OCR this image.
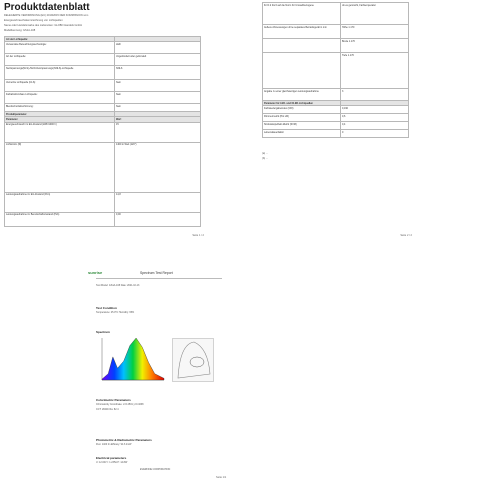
Produktdatenblatt
DELEGIERTE VERORDNUNG (EU) 2019/2015 DER KOMMISSION vom
Energieverbrauchskennzeichnung von Lichtquellen
Name oder Handelsmarke des Lieferanten: GLOBO Handels GmbH
Modellkennung: GS1A-108
Art der Lichtquelle:	
Verwendete Beleuchtungstechnologie:	LED
Art der Lichtquelle:	Ungebündelt oder gebündelt
Netzspannungs(NLS)-/Nicht-Netzspannungs(NNLS)-Lichtquelle	NNLS
Vernetzte Lichtquelle (CLS):	Nein
Farbabstimmbare Lichtquelle:	Nein
Blendschutzabschirmung:	Nein
Produktparameter	
Parameter	Wert
Energieverbrauch im Ein-Zustand (kWh/1000 h)	15
Lichtstrom (Φ)	1400 in Weit (120°)
Leistungsaufnahme im Ein-Zustand (Pon)	14,8
Leistungsaufnahme im Bereitschaftszustand (Psb)	0,00
Seite 1 / 2
für D.2 bis 6 auf die Norm für Umweltbezogene	ob es gemischt, Farbtemperatur
Außere Abmessungen ohne separates Betriebsgerät in mm	Höhe 1.170
	Breite 1.170
	Tiefe 1.170
Angabe zu einer gleichwertigen Leistungsaufnahme	3
Parameter für LED- und OLED-Lichtquellen	
Farbwiedergabeindex (CRI)	0,190
Flimmermetrik (Pst LM)	0,6
Stroboskopeffekt-Metrik (SVM)	0,4
Lebensdauerfaktor	0
(a) ...
(b) ...
Seite 2 / 2
sunrise	Spectrum Test Report
Test Model: GS1A-108 Date: 2021-10-13
Test Condition
Temperature: 25.0°C Humidity: 65%
Spectrum
Colorimetric Parameters
Chromaticity Coordinate: x=0.4501 y=0.4068
CCT: 2844K Ra: 82.4
Photometric & Radiometric Parameters
Flux: 1400 lm Efficacy: 94.6 lm/W
Electrical parameters
U: 12.00V I: 1.235A P: 14.8W
EVERFINE CORPORATION
Seite 1/1
